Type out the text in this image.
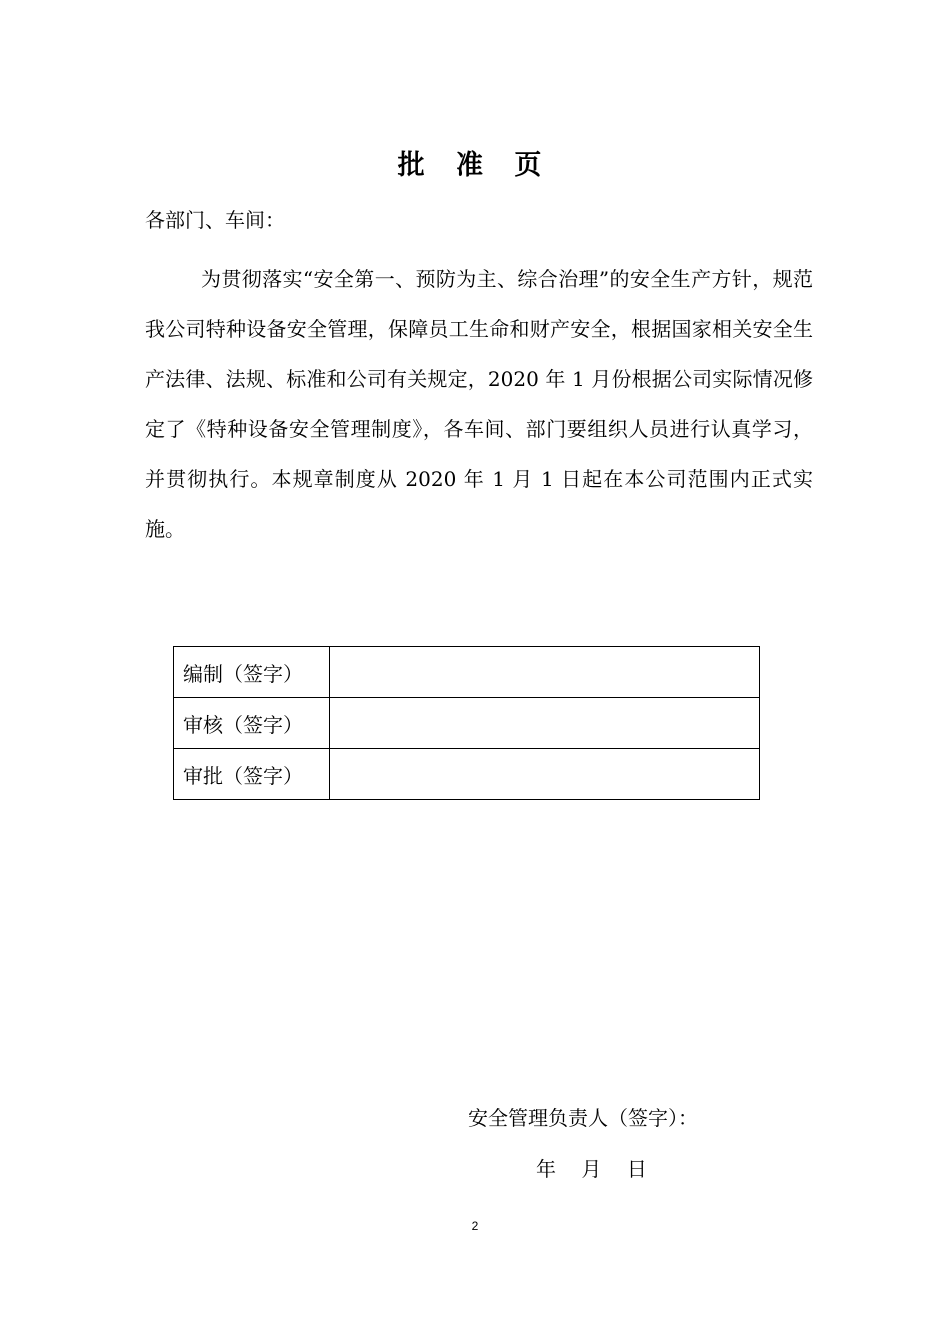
批 准 页
各部门、车间：

为贯彻落实“安全第一、预防为主、综合治理”的安全生产方针，规范我公司特种设备安全管理，保障员工生命和财产安全，根据国家相关安全生产法律、法规、标准和公司有关规定，2020 年 1 月份根据公司实际情况修定了《特种设备安全管理制度》，各车间、部门要组织人员进行认真学习，并贯彻执行。本规章制度从 2020 年 1 月 1 日起在本公司范围内正式实施。

编制（签字）	
审核（签字）	
审批（签字）	
安全管理负责人（签字）：
年    月    日
2
